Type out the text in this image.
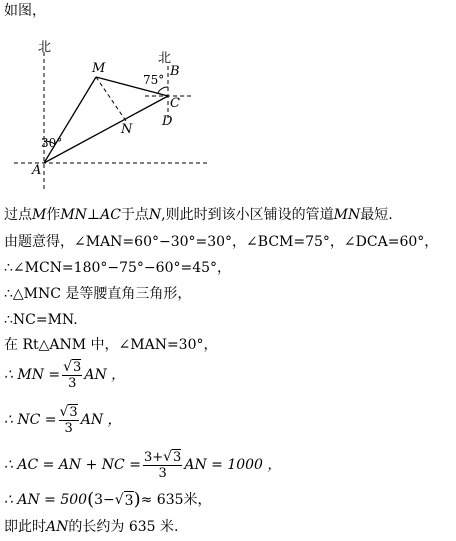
如图，
北
北
M
75°
B
C
D
N
30°
A
过点M作MN⊥AC于点N,则此时到该小区铺设的管道MN最短.
由题意得，∠MAN=60°−30°=30°，∠BCM=75°，∠DCA=60°，
∴∠MCN=180°−75°−60°=45°，
∴△MNC 是等腰直角三角形，
∴NC=MN.
在 Rt△ANM 中，∠MAN=30°，
∴ MN = $\frac{√3}{3}$ AN ，
∴ NC = $\frac{√3}{3}$ AN ，
∴ AC = AN + NC = $\frac{3+√3}{3}$ AN = 1000 ，
∴ AN = 500 ( 3− √ 3 ) ≈ 635米，
即此时AN的长约为 635 米.
